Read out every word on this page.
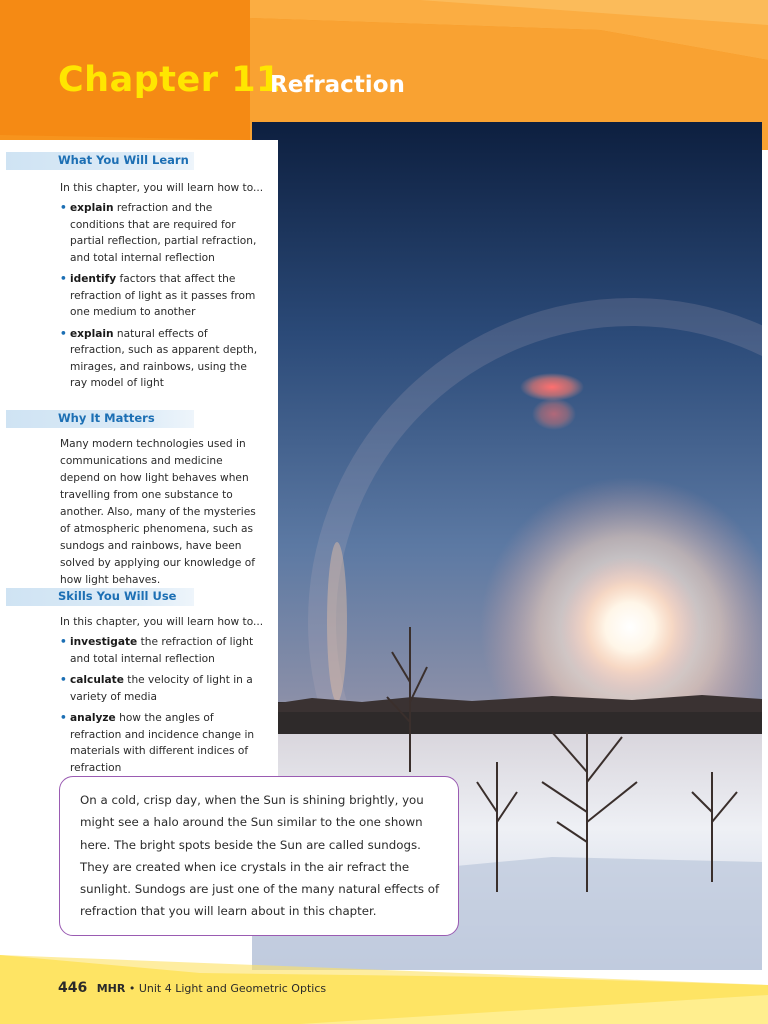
Chapter 11
Refraction
What You Will Learn
In this chapter, you will learn how to...
• explain refraction and the conditions that are required for partial reflection, partial refraction, and total internal reflection
• identify factors that affect the refraction of light as it passes from one medium to another
• explain natural effects of refraction, such as apparent depth, mirages, and rainbows, using the ray model of light
Why It Matters
Many modern technologies used in communications and medicine depend on how light behaves when travelling from one substance to another. Also, many of the mysteries of atmospheric phenomena, such as sundogs and rainbows, have been solved by applying our knowledge of how light behaves.
Skills You Will Use
In this chapter, you will learn how to...
• investigate the refraction of light and total internal reflection
• calculate the velocity of light in a variety of media
• analyze how the angles of refraction and incidence change in materials with different indices of refraction

On a cold, crisp day, when the Sun is shining brightly, you might see a halo around the Sun similar to the one shown here. The bright spots beside the Sun are called sundogs. They are created when ice crystals in the air refract the sunlight. Sundogs are just one of the many natural effects of refraction that you will learn about in this chapter.

446 MHR • Unit 4 Light and Geometric Optics
